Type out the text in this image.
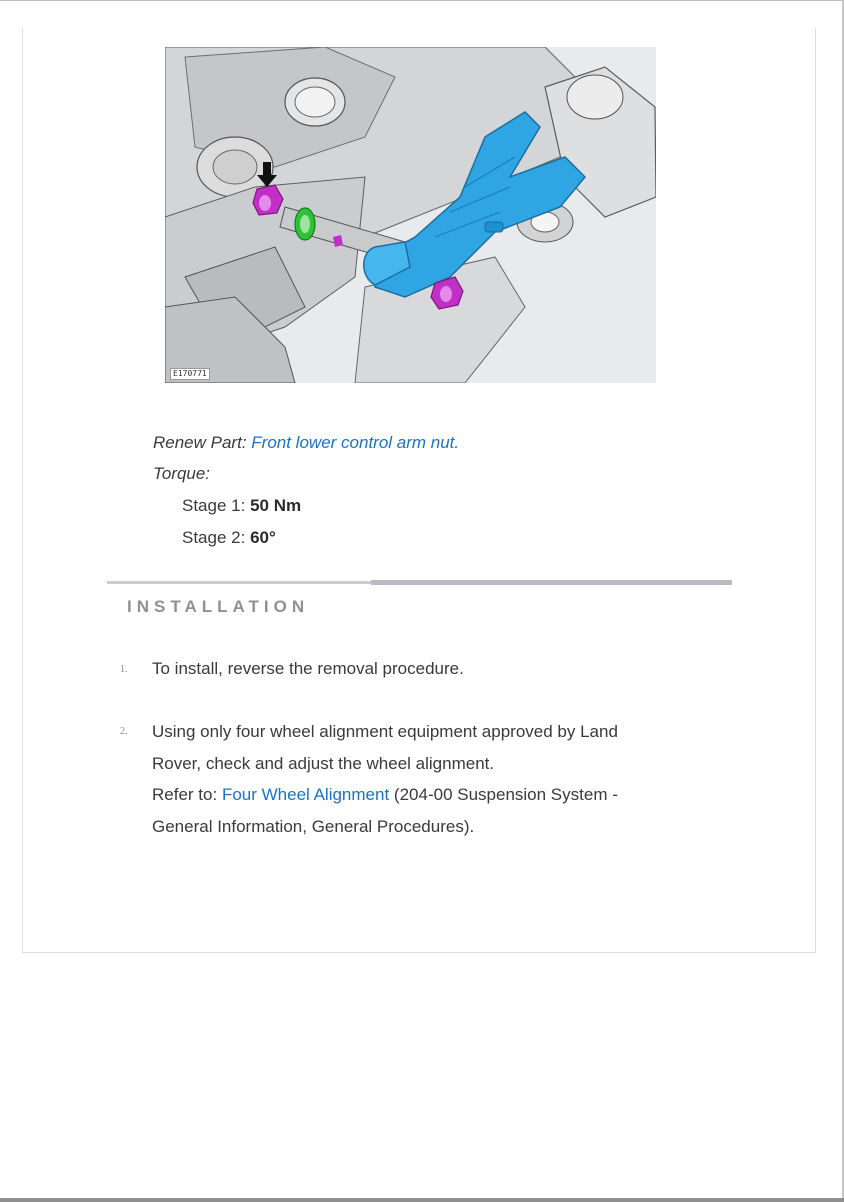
E170771
Renew Part: Front lower control arm nut.
Torque:
Stage 1: 50 Nm
Stage 2: 60°
INSTALLATION
1. To install, reverse the removal procedure.
2. Using only four wheel alignment equipment approved by Land
Rover, check and adjust the wheel alignment.
Refer to: Four Wheel Alignment (204-00 Suspension System -
General Information, General Procedures).
